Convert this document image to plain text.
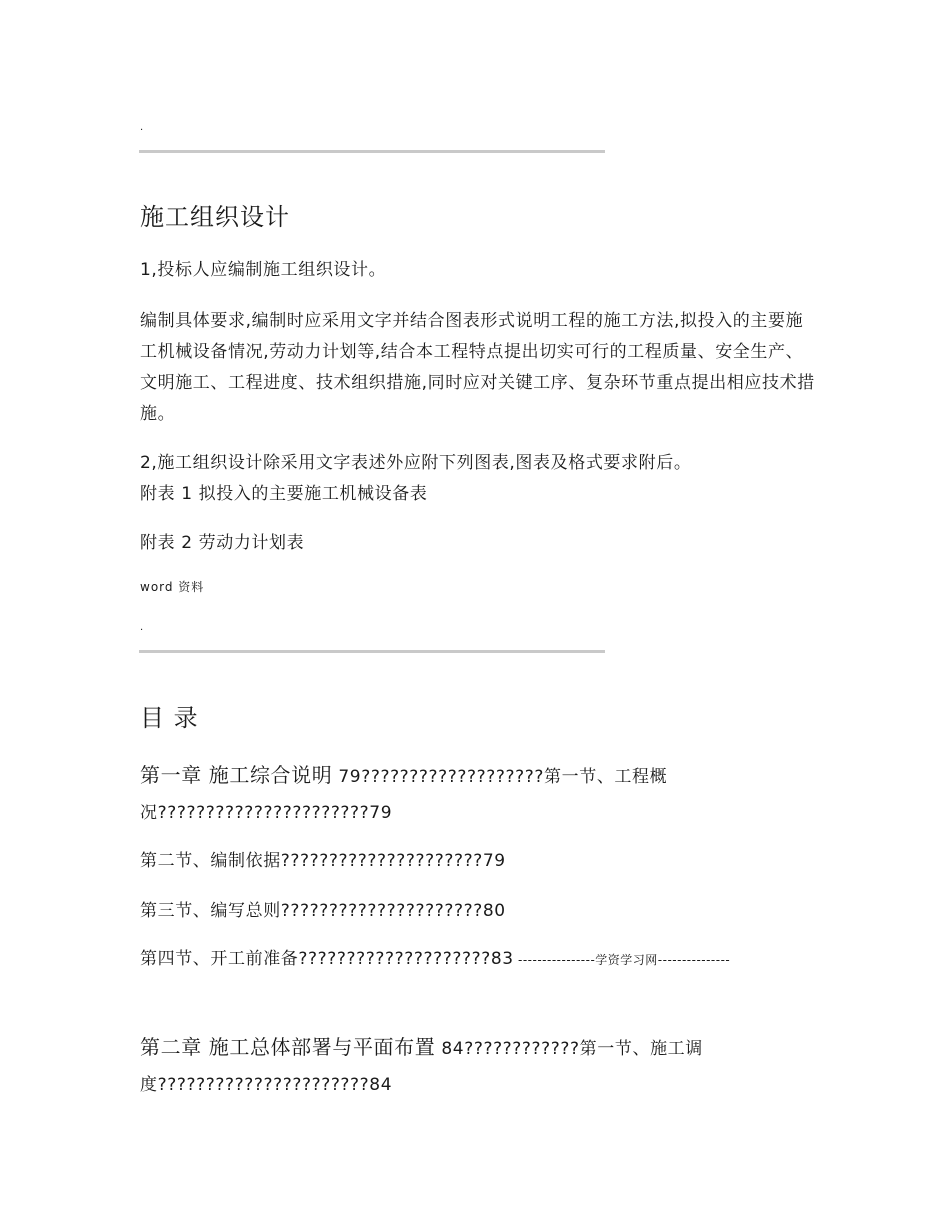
.
施工组织设计
1,投标人应编制施工组织设计。
编制具体要求,编制时应采用文字并结合图表形式说明工程的施工方法,拟投入的主要施工机械设备情况,劳动力计划等,结合本工程特点提出切实可行的工程质量、安全生产、文明施工、工程进度、技术组织措施,同时应对关键工序、复杂环节重点提出相应技术措施。
2,施工组织设计除采用文字表述外应附下列图表,图表及格式要求附后。
附表 1 拟投入的主要施工机械设备表
附表 2 劳动力计划表
word 资料
.
目 录
第一章 施工综合说明 79???????????????????第一节、工程概况??????????????????????79
第二节、编制依据?????????????????????79
第三节、编写总则?????????????????????80
第四节、开工前准备????????????????????83 ----------------学资学习网---------------
第二章 施工总体部署与平面布置 84????????????第一节、施工调度??????????????????????84
